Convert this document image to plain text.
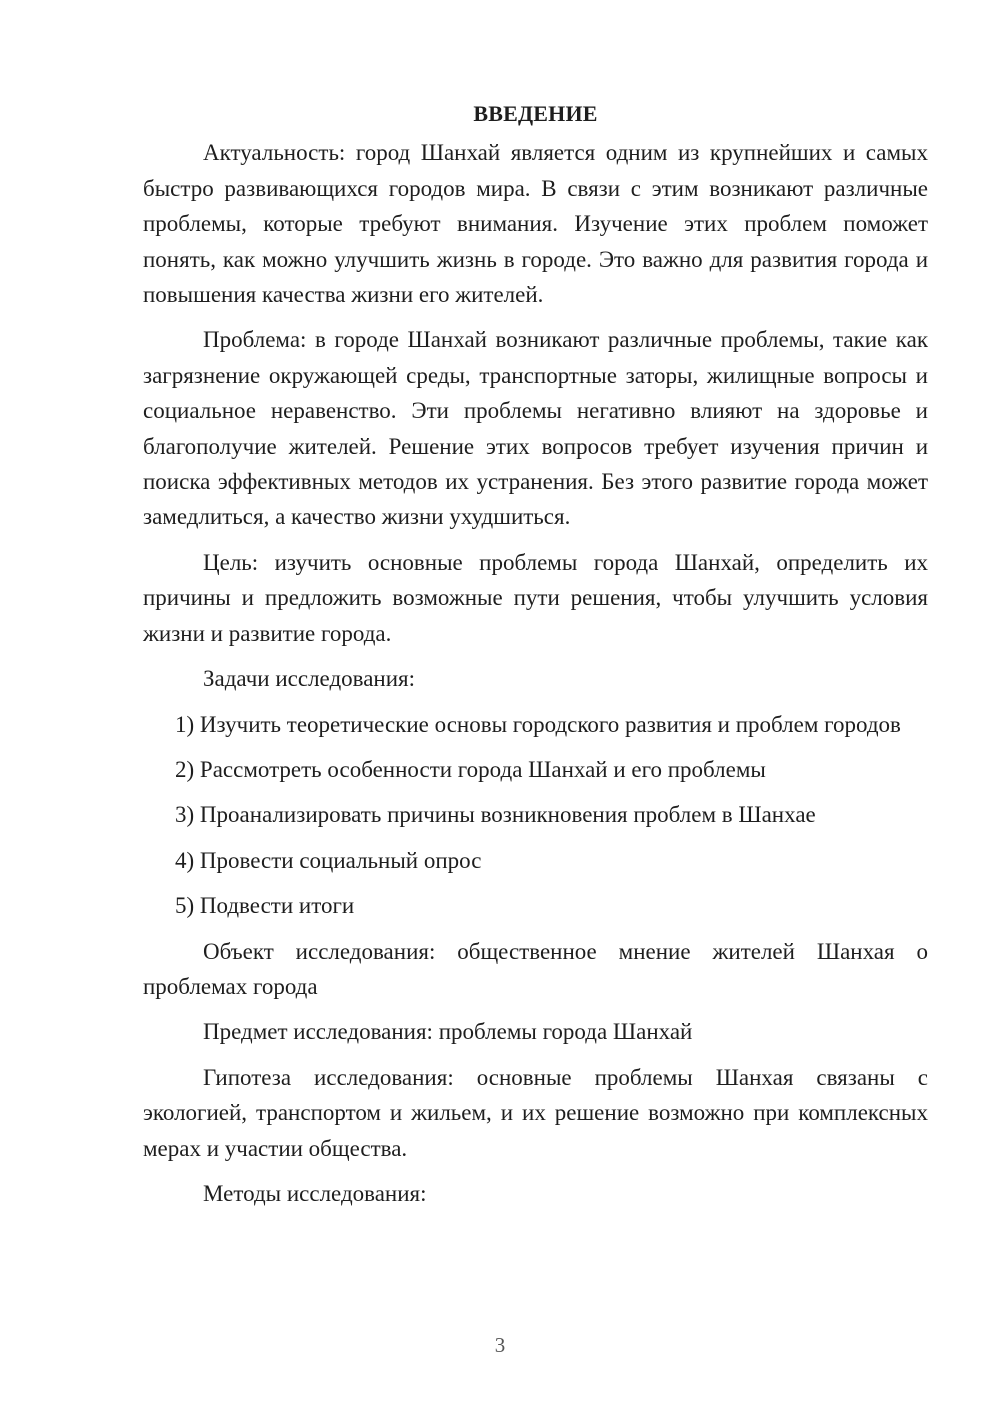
ВВЕДЕНИЕ

Актуальность: город Шанхай является одним из крупнейших и самых быстро развивающихся городов мира. В связи с этим возникают различные проблемы, которые требуют внимания. Изучение этих проблем поможет понять, как можно улучшить жизнь в городе. Это важно для развития города и повышения качества жизни его жителей.

Проблема: в городе Шанхай возникают различные проблемы, такие как загрязнение окружающей среды, транспортные заторы, жилищные вопросы и социальное неравенство. Эти проблемы негативно влияют на здоровье и благополучие жителей. Решение этих вопросов требует изучения причин и поиска эффективных методов их устранения. Без этого развитие города может замедлиться, а качество жизни ухудшиться.

Цель: изучить основные проблемы города Шанхай, определить их причины и предложить возможные пути решения, чтобы улучшить условия жизни и развитие города.

Задачи исследования:

1) Изучить теоретические основы городского развития и проблем городов
2) Рассмотреть особенности города Шанхай и его проблемы
3) Проанализировать причины возникновения проблем в Шанхае
4) Провести социальный опрос
5) Подвести итоги

Объект исследования: общественное мнение жителей Шанхая о проблемах города

Предмет исследования: проблемы города Шанхай

Гипотеза исследования: основные проблемы Шанхая связаны с экологией, транспортом и жильем, и их решение возможно при комплексных мерах и участии общества.

Методы исследования:

3
